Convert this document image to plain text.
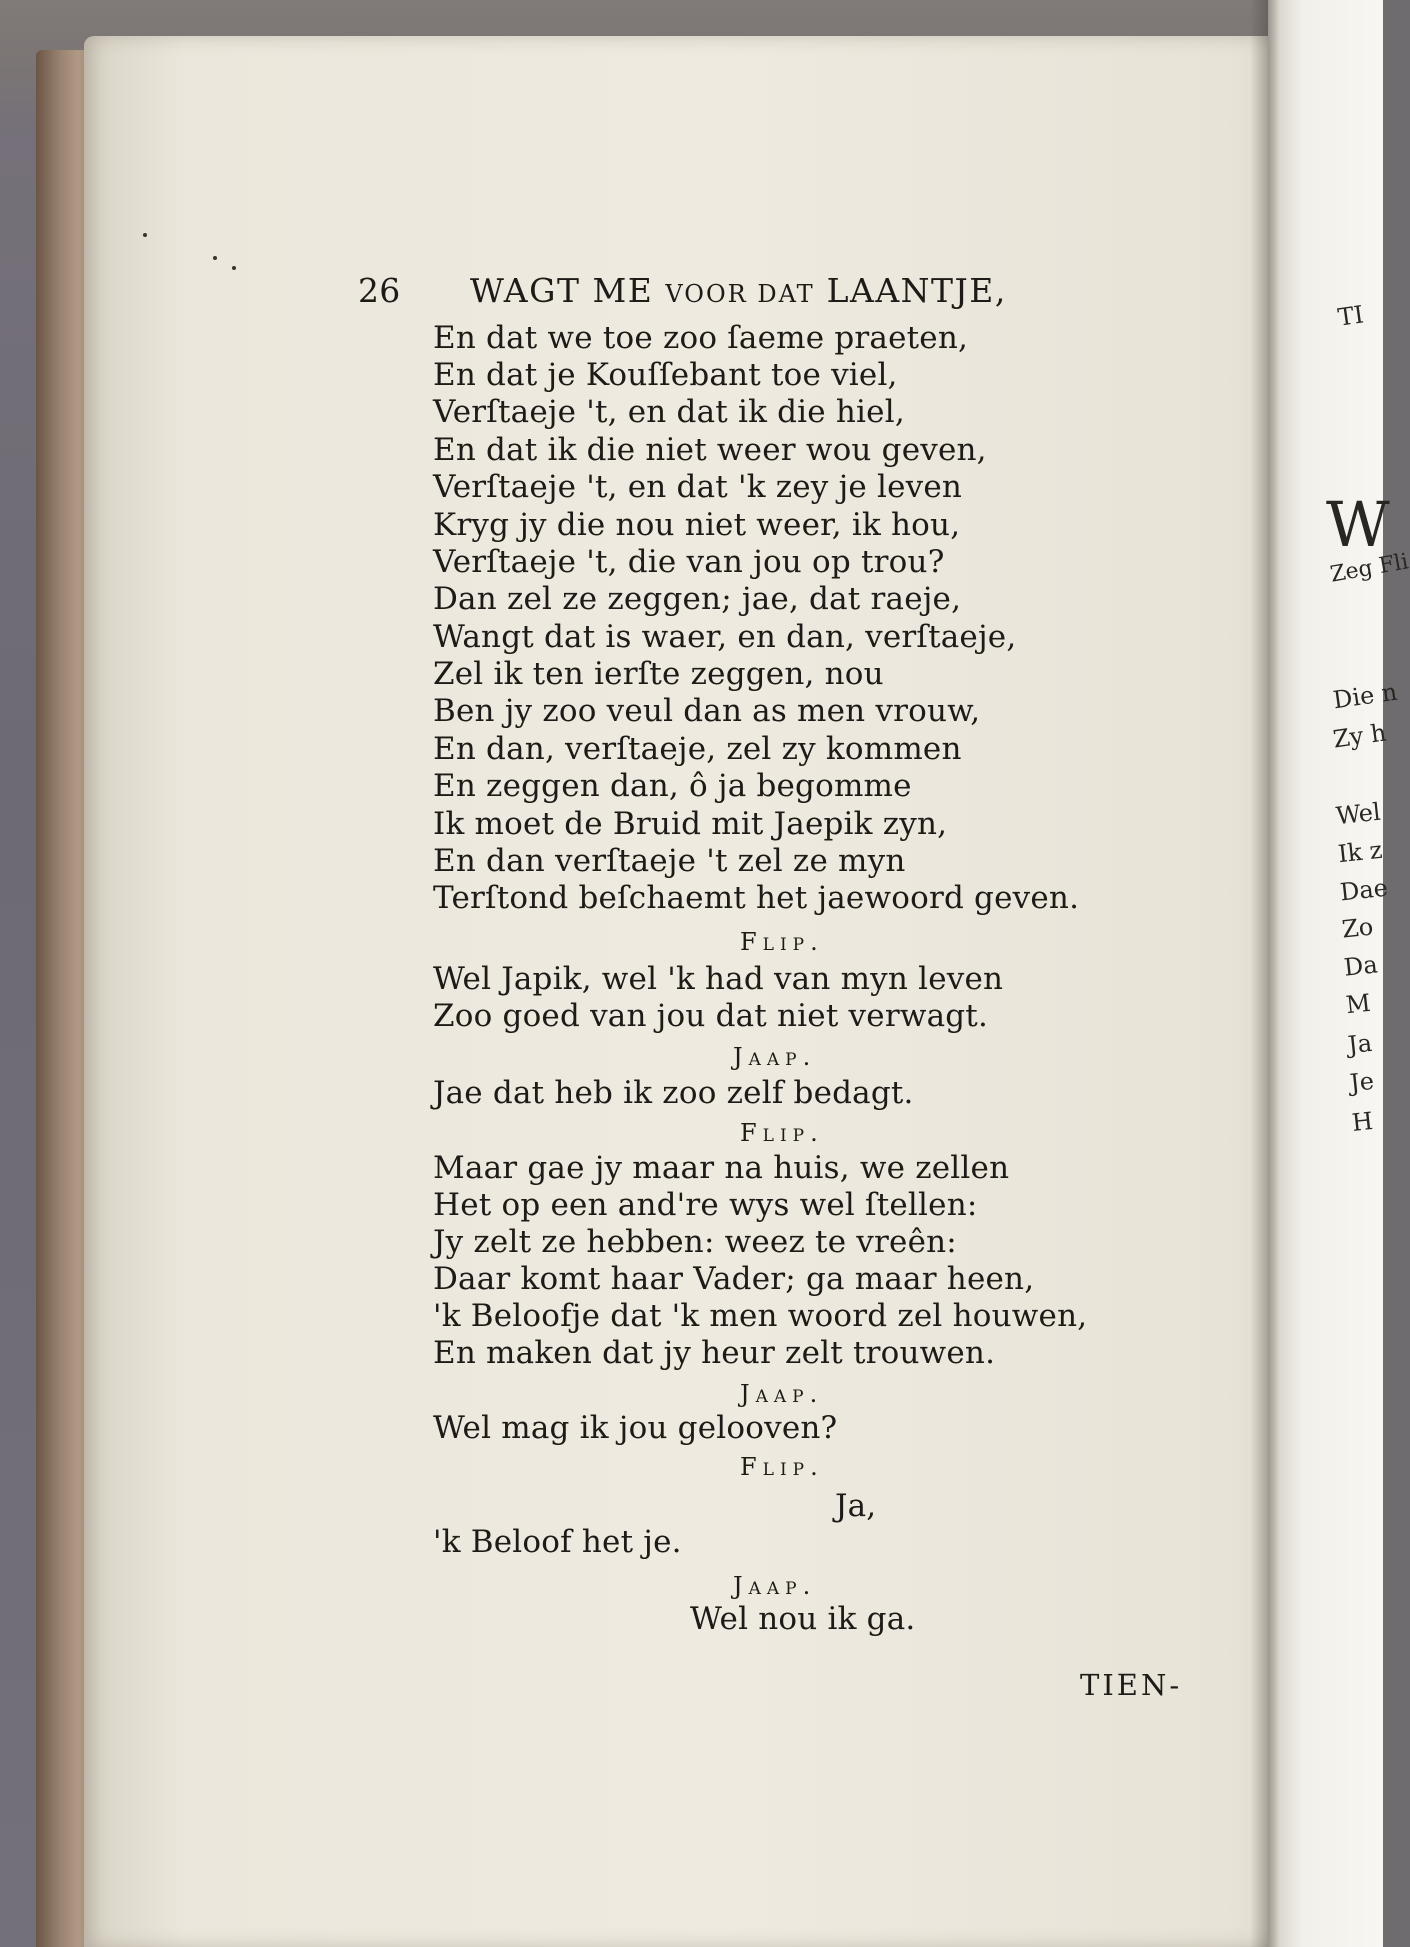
TI
W
Zeg Fli
Die n
Zy h
Wel
Ik z
Dae
Zo
Da
M
Ja
Je
H
26 WAGT ME VOOR DAT LAANTJE,
En dat we toe zoo ſaeme praeten,
En dat je Kouſſebant toe viel,
Verſtaeje 't, en dat ik die hiel,
En dat ik die niet weer wou geven,
Verſtaeje 't, en dat 'k zey je leven
Kryg jy die nou niet weer, ik hou,
Verſtaeje 't, die van jou op trou?
Dan zel ze zeggen; jae, dat raeje,
Wangt dat is waer, en dan, verſtaeje,
Zel ik ten ierſte zeggen, nou
Ben jy zoo veul dan as men vrouw,
En dan, verſtaeje, zel zy kommen
En zeggen dan, ô ja begomme
Ik moet de Bruid mit Jaepik zyn,
En dan verſtaeje 't zel ze myn
Terſtond beſchaemt het jaewoord geven.
Flip.
Wel Japik, wel 'k had van myn leven
Zoo goed van jou dat niet verwagt.
Jaap.
Jae dat heb ik zoo zelf bedagt.
Flip.
Maar gae jy maar na huis, we zellen
Het op een and're wys wel ſtellen:
Jy zelt ze hebben: weez te vreên:
Daar komt haar Vader; ga maar heen,
'k Beloofje dat 'k men woord zel houwen,
En maken dat jy heur zelt trouwen.
Jaap.
Wel mag ik jou gelooven?
Flip.
Ja,
'k Beloof het je.
Jaap.
Wel nou ik ga.
TIEN-
